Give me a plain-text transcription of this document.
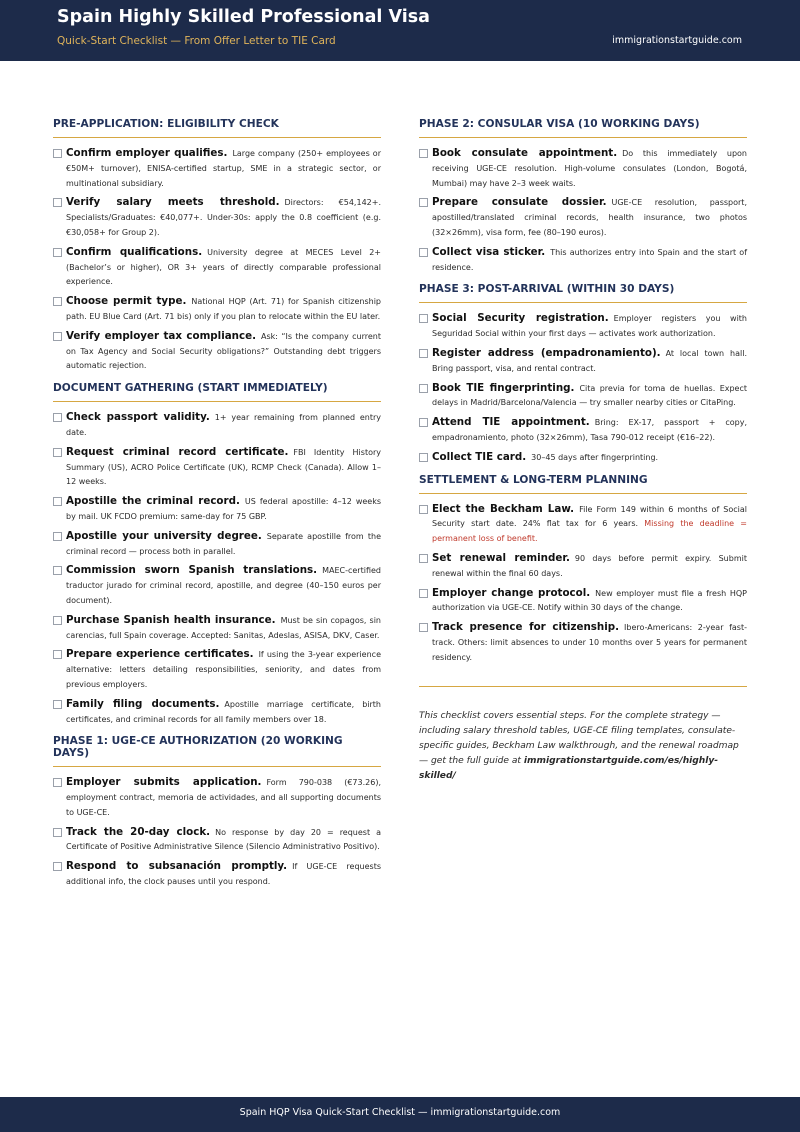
Spain Highly Skilled Professional Visa
Quick-Start Checklist — From Offer Letter to TIE Card	immigrationstartguide.com
PRE-APPLICATION: ELIGIBILITY CHECK
Confirm employer qualifies. Large company (250+ employees or €50M+ turnover), ENISA-certified startup, SME in a strategic sector, or multinational subsidiary.
Verify salary meets threshold. Directors: €54,142+. Specialists/Graduates: €40,077+. Under-30s: apply the 0.8 coefficient (e.g. €30,058+ for Group 2).
Confirm qualifications. University degree at MECES Level 2+ (Bachelor’s or higher), OR 3+ years of directly comparable professional experience.
Choose permit type. National HQP (Art. 71) for Spanish citizenship path. EU Blue Card (Art. 71 bis) only if you plan to relocate within the EU later.
Verify employer tax compliance. Ask: “Is the company current on Tax Agency and Social Security obligations?” Outstanding debt triggers automatic rejection.
DOCUMENT GATHERING (START IMMEDIATELY)
Check passport validity. 1+ year remaining from planned entry date.
Request criminal record certificate. FBI Identity History Summary (US), ACRO Police Certificate (UK), RCMP Check (Canada). Allow 1–12 weeks.
Apostille the criminal record. US federal apostille: 4–12 weeks by mail. UK FCDO premium: same-day for 75 GBP.
Apostille your university degree. Separate apostille from the criminal record — process both in parallel.
Commission sworn Spanish translations. MAEC-certified traductor jurado for criminal record, apostille, and degree (40–150 euros per document).
Purchase Spanish health insurance. Must be sin copagos, sin carencias, full Spain coverage. Accepted: Sanitas, Adeslas, ASISA, DKV, Caser.
Prepare experience certificates. If using the 3-year experience alternative: letters detailing responsibilities, seniority, and dates from previous employers.
Family filing documents. Apostille marriage certificate, birth certificates, and criminal records for all family members over 18.
PHASE 1: UGE-CE AUTHORIZATION (20 WORKING DAYS)
Employer submits application. Form 790-038 (€73.26), employment contract, memoria de actividades, and all supporting documents to UGE-CE.
Track the 20-day clock. No response by day 20 = request a Certificate of Positive Administrative Silence (Silencio Administrativo Positivo).
Respond to subsanación promptly. If UGE-CE requests additional info, the clock pauses until you respond.
PHASE 2: CONSULAR VISA (10 WORKING DAYS)
Book consulate appointment. Do this immediately upon receiving UGE-CE resolution. High-volume consulates (London, Bogotá, Mumbai) may have 2–3 week waits.
Prepare consulate dossier. UGE-CE resolution, passport, apostilled/translated criminal records, health insurance, two photos (32×26mm), visa form, fee (80–190 euros).
Collect visa sticker. This authorizes entry into Spain and the start of residence.
PHASE 3: POST-ARRIVAL (WITHIN 30 DAYS)
Social Security registration. Employer registers you with Seguridad Social within your first days — activates work authorization.
Register address (empadronamiento). At local town hall. Bring passport, visa, and rental contract.
Book TIE fingerprinting. Cita previa for toma de huellas. Expect delays in Madrid/Barcelona/Valencia — try smaller nearby cities or CitaPing.
Attend TIE appointment. Bring: EX-17, passport + copy, empadronamiento, photo (32×26mm), Tasa 790-012 receipt (€16–22).
Collect TIE card. 30–45 days after fingerprinting.
SETTLEMENT & LONG-TERM PLANNING
Elect the Beckham Law. File Form 149 within 6 months of Social Security start date. 24% flat tax for 6 years. Missing the deadline = permanent loss of benefit.
Set renewal reminder. 90 days before permit expiry. Submit renewal within the final 60 days.
Employer change protocol. New employer must file a fresh HQP authorization via UGE-CE. Notify within 30 days of the change.
Track presence for citizenship. Ibero-Americans: 2-year fast-track. Others: limit absences to under 10 months over 5 years for permanent residency.
This checklist covers essential steps. For the complete strategy — including salary threshold tables, UGE-CE filing templates, consulate-specific guides, Beckham Law walkthrough, and the renewal roadmap — get the full guide at immigrationstartguide.com/es/highly-skilled/
Spain HQP Visa Quick-Start Checklist — immigrationstartguide.com
